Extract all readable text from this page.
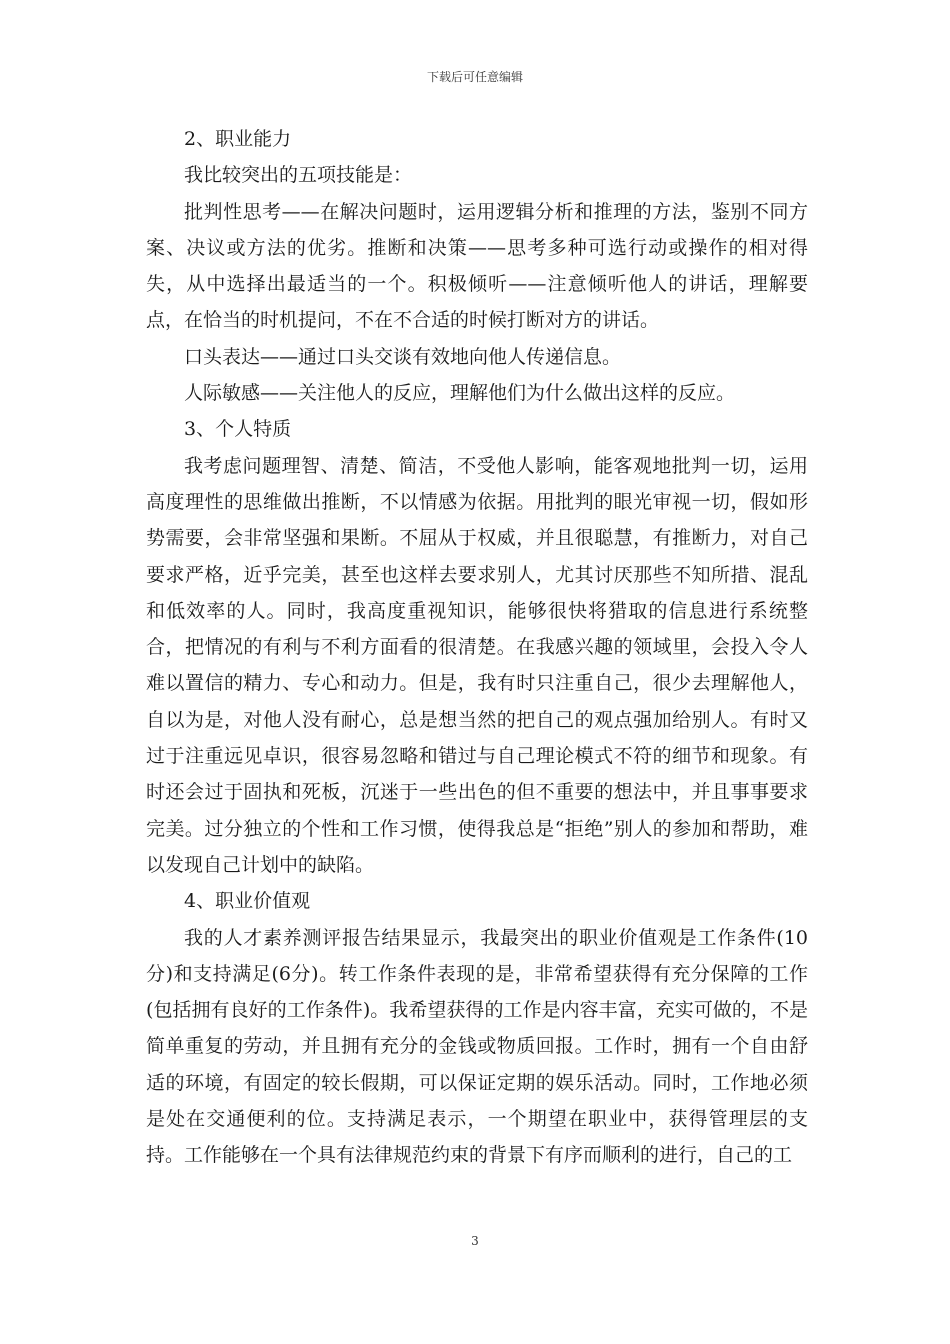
下载后可任意编辑

2、职业能力

我比较突出的五项技能是：

批判性思考——在解决问题时，运用逻辑分析和推理的方法，鉴别不同方案、决议或方法的优劣。推断和决策——思考多种可选行动或操作的相对得失，从中选择出最适当的一个。积极倾听——注意倾听他人的讲话，理解要点，在恰当的时机提问，不在不合适的时候打断对方的讲话。

口头表达——通过口头交谈有效地向他人传递信息。

人际敏感——关注他人的反应，理解他们为什么做出这样的反应。

3、个人特质

我考虑问题理智、清楚、简洁，不受他人影响，能客观地批判一切，运用高度理性的思维做出推断，不以情感为依据。用批判的眼光审视一切，假如形势需要，会非常坚强和果断。不屈从于权威，并且很聪慧，有推断力，对自己要求严格，近乎完美，甚至也这样去要求别人，尤其讨厌那些不知所措、混乱和低效率的人。同时，我高度重视知识，能够很快将猎取的信息进行系统整合，把情况的有利与不利方面看的很清楚。在我感兴趣的领域里，会投入令人难以置信的精力、专心和动力。但是，我有时只注重自己，很少去理解他人，自以为是，对他人没有耐心，总是想当然的把自己的观点强加给别人。有时又过于注重远见卓识，很容易忽略和错过与自己理论模式不符的细节和现象。有时还会过于固执和死板，沉迷于一些出色的但不重要的想法中，并且事事要求完美。过分独立的个性和工作习惯，使得我总是“拒绝”别人的参加和帮助，难以发现自己计划中的缺陷。

4、职业价值观

我的人才素养测评报告结果显示，我最突出的职业价值观是工作条件(10分)和支持满足(6分)。转工作条件表现的是，非常希望获得有充分保障的工作(包括拥有良好的工作条件)。我希望获得的工作是内容丰富，充实可做的，不是简单重复的劳动，并且拥有充分的金钱或物质回报。工作时，拥有一个自由舒适的环境，有固定的较长假期，可以保证定期的娱乐活动。同时，工作地必须是处在交通便利的位。支持满足表示，一个期望在职业中，获得管理层的支持。工作能够在一个具有法律规范约束的背景下有序而顺利的进行，自己的工

3
